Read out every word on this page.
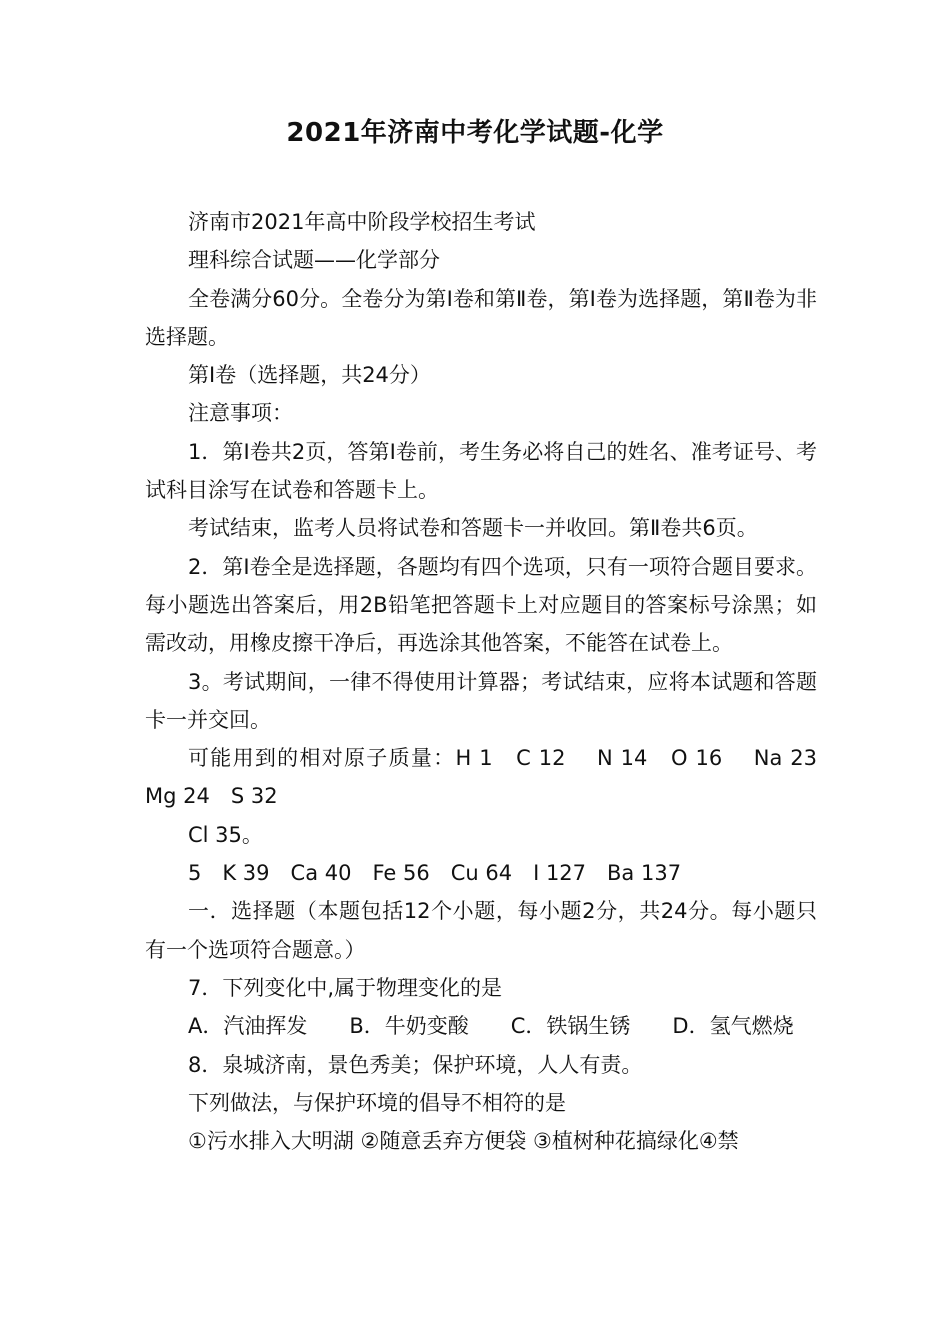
2021年济南中考化学试题-化学

济南市2021年高中阶段学校招生考试

理科综合试题——化学部分

全卷满分60分。全卷分为第Ⅰ卷和第Ⅱ卷，第Ⅰ卷为选择题，第Ⅱ卷为非选择题。

第Ⅰ卷（选择题，共24分）

注意事项：

1．第Ⅰ卷共2页，答第Ⅰ卷前，考生务必将自己的姓名、准考证号、考试科目涂写在试卷和答题卡上。

考试结束，监考人员将试卷和答题卡一并收回。第Ⅱ卷共6页。

2．第Ⅰ卷全是选择题，各题均有四个选项，只有一项符合题目要求。每小题选出答案后，用2B铅笔把答题卡上对应题目的答案标号涂黑；如需改动，用橡皮擦干净后，再选涂其他答案，不能答在试卷上。

3。考试期间，一律不得使用计算器；考试结束，应将本试题和答题卡一并交回。

可能用到的相对原子质量：H 1　C 12　 N 14　O 16　 Na 23　Mg 24　S 32

Cl 35。

5　K 39　Ca 40　Fe 56　Cu 64　I 127　Ba 137

一．选择题（本题包括12个小题，每小题2分，共24分。每小题只有一个选项符合题意。）

7．下列变化中,属于物理变化的是

A．汽油挥发　　B．牛奶变酸　　C．铁锅生锈　　D．氢气燃烧

8．泉城济南，景色秀美；保护环境，人人有责。

下列做法，与保护环境的倡导不相符的是

①污水排入大明湖 ②随意丢弃方便袋 ③植树种花搞绿化④禁
